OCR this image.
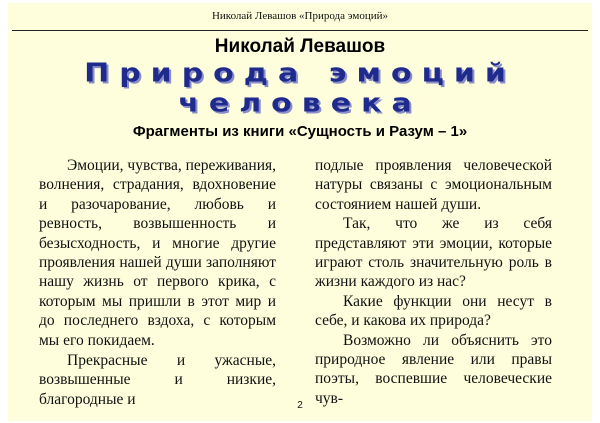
Николай Левашов «Природа эмоций»
Николай Левашов
Природа эмоций
человека
Фрагменты из книги «Сущность и Разум – 1»

Эмоции, чувства, переживания, волнения, страдания, вдохновение и разочарование, любовь и ревность, возвышенность и безысходность, и многие другие проявления нашей души заполняют нашу жизнь от первого крика, с которым мы пришли в этот мир и до последнего вздоха, с которым мы его покидаем.

Прекрасные и ужасные, возвышенные и низкие, благородные и

подлые проявления человеческой натуры связаны с эмоциональным состоянием нашей души.

Так, что же из себя представляют эти эмоции, которые играют столь значительную роль в жизни каждого из нас?

Какие функции они несут в себе, и какова их природа?

Возможно ли объяснить это природное явление или правы поэты, воспевшие человеческие чув-

2
